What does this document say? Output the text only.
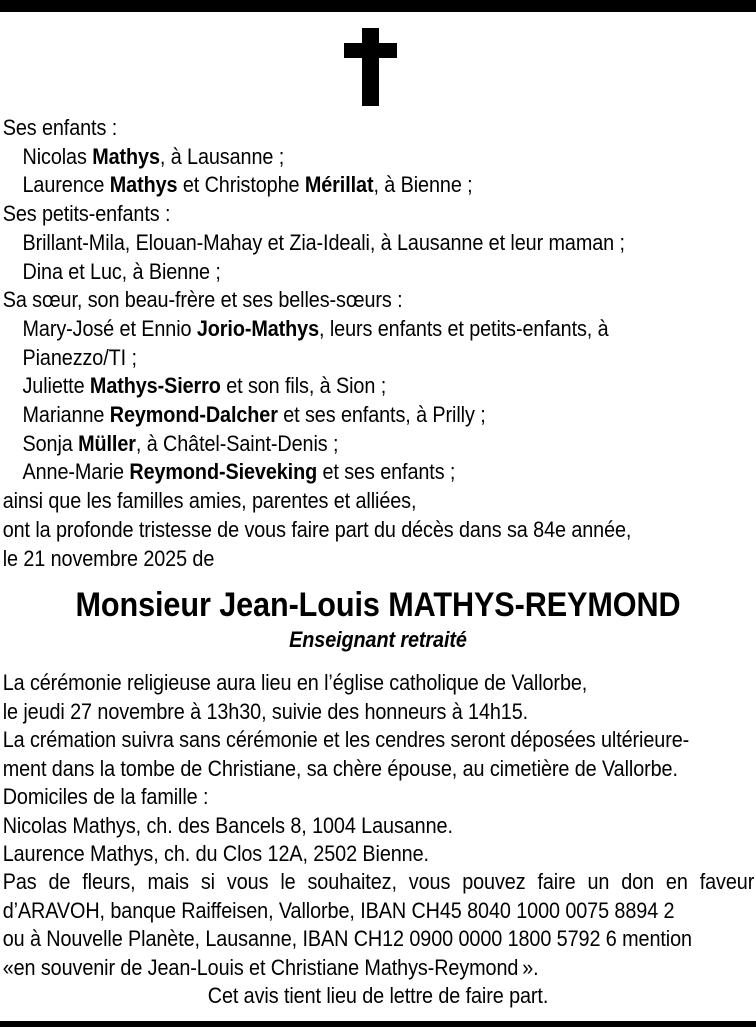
Ses enfants :
Nicolas Mathys, à Lausanne ;
Laurence Mathys et Christophe Mérillat, à Bienne ;
Ses petits-enfants :
Brillant-Mila, Elouan-Mahay et Zia-Ideali, à Lausanne et leur maman ;
Dina et Luc, à Bienne ;
Sa sœur, son beau-frère et ses belles-sœurs :
Mary-José et Ennio Jorio-Mathys, leurs enfants et petits-enfants, à
Pianezzo/TI ;
Juliette Mathys-Sierro et son fils, à Sion ;
Marianne Reymond-Dalcher et ses enfants, à Prilly ;
Sonja Müller, à Châtel-Saint-Denis ;
Anne-Marie Reymond-Sieveking et ses enfants ;
ainsi que les familles amies, parentes et alliées,
ont la profonde tristesse de vous faire part du décès dans sa 84e année,
le 21 novembre 2025 de
Monsieur Jean-Louis MATHYS-REYMOND
Enseignant retraité
La cérémonie religieuse aura lieu en l’église catholique de Vallorbe,
le jeudi 27 novembre à 13h30, suivie des honneurs à 14h15.
La crémation suivra sans cérémonie et les cendres seront déposées ultérieure-
ment dans la tombe de Christiane, sa chère épouse, au cimetière de Vallorbe.
Domiciles de la famille :
Nicolas Mathys, ch. des Bancels 8, 1004 Lausanne.
Laurence Mathys, ch. du Clos 12A, 2502 Bienne.
Pas de fleurs, mais si vous le souhaitez, vous pouvez faire un don en faveur
d’ARAVOH, banque Raiffeisen, Vallorbe, IBAN CH45 8040 1000 0075 8894 2
ou à Nouvelle Planète, Lausanne, IBAN CH12 0900 0000 1800 5792 6 mention
«en souvenir de Jean-Louis et Christiane Mathys-Reymond ».
Cet avis tient lieu de lettre de faire part.
